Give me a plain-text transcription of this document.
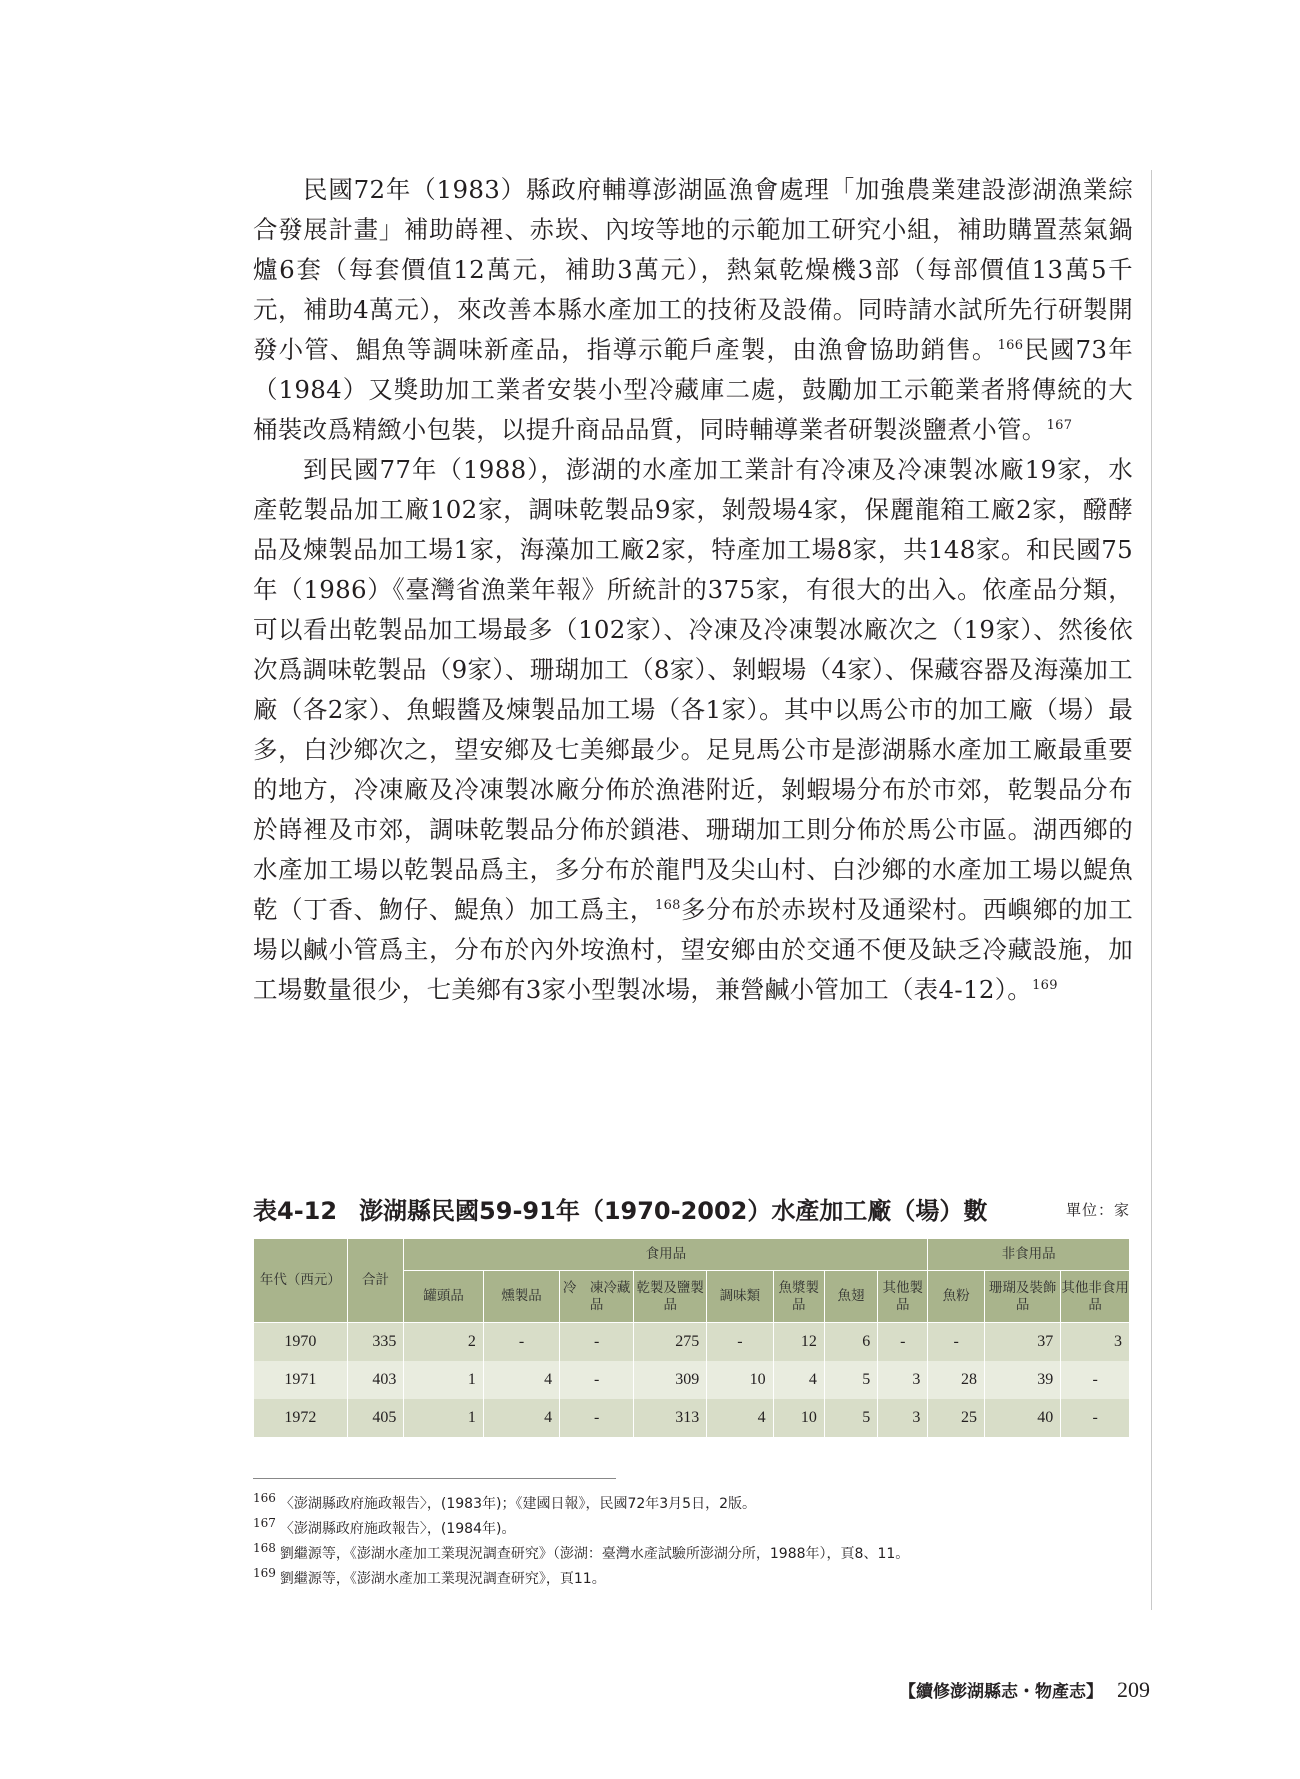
民國72年（1983）縣政府輔導澎湖區漁會處理「加強農業建設澎湖漁業綜合發展計畫」補助嵵裡、赤崁、內垵等地的示範加工研究小組，補助購置蒸氣鍋爐6套（每套價值12萬元，補助3萬元），熱氣乾燥機3部（每部價值13萬5千元，補助4萬元），來改善本縣水產加工的技術及設備。同時請水試所先行研製開發小管、鯧魚等調味新產品，指導示範戶產製，由漁會協助銷售。$^{166}$民國73年（1984）又獎助加工業者安裝小型冷藏庫二處，鼓勵加工示範業者將傳統的大桶裝改爲精緻小包裝，以提升商品品質，同時輔導業者研製淡鹽煮小管。$^{167}$

到民國77年（1988），澎湖的水產加工業計有冷凍及冷凍製冰廠19家，水產乾製品加工廠102家，調味乾製品9家，剝殼場4家，保麗龍箱工廠2家，醱酵品及煉製品加工場1家，海藻加工廠2家，特產加工場8家，共148家。和民國75年（1986）《臺灣省漁業年報》所統計的375家，有很大的出入。依產品分類，可以看出乾製品加工場最多（102家）、冷凍及冷凍製冰廠次之（19家）、然後依次爲調味乾製品（9家）、珊瑚加工（8家）、剝蝦場（4家）、保藏容器及海藻加工廠（各2家）、魚蝦醬及煉製品加工場（各1家）。其中以馬公市的加工廠（場）最多，白沙鄉次之，望安鄉及七美鄉最少。足見馬公市是澎湖縣水產加工廠最重要的地方，冷凍廠及冷凍製冰廠分佈於漁港附近，剝蝦場分布於市郊，乾製品分布於嵵裡及市郊，調味乾製品分佈於鎖港、珊瑚加工則分佈於馬公市區。湖西鄉的水產加工場以乾製品爲主，多分布於龍門及尖山村、白沙鄉的水產加工場以鯷魚乾（丁香、魩仔、鯷魚）加工爲主，$^{168}$多分布於赤崁村及通梁村。西嶼鄉的加工場以鹹小管爲主，分布於內外垵漁村，望安鄉由於交通不便及缺乏冷藏設施，加工場數量很少，七美鄉有3家小型製冰場，兼營鹹小管加工（表4-12）。$^{169}$

表4-12 澎湖縣民國59-91年（1970-2002）水產加工廠（場）數	單位：家
年代（西元）	合計	食用品								非食用品		
		罐頭品	燻製品	冷　凍冷藏品	乾製及鹽製品	調味類	魚漿製品	魚翅	其他製品	魚粉	珊瑚及裝飾品	其他非食用品
1970	335	2	-	-	275	-	12	6	-	-	37	3
1971	403	1	4	-	309	10	4	5	3	28	39	-
1972	405	1	4	-	313	4	10	5	3	25	40	-
$^{166}$ 〈澎湖縣政府施政報告〉，(1983年)；《建國日報》，民國72年3月5日，2版。
$^{167}$ 〈澎湖縣政府施政報告〉，(1984年)。
$^{168}$ 劉繼源等，《澎湖水產加工業現況調查研究》（澎湖：臺灣水產試驗所澎湖分所，1988年），頁8、11。
$^{169}$ 劉繼源等，《澎湖水產加工業現況調查研究》，頁11。
【續修澎湖縣志・物產志】 209
